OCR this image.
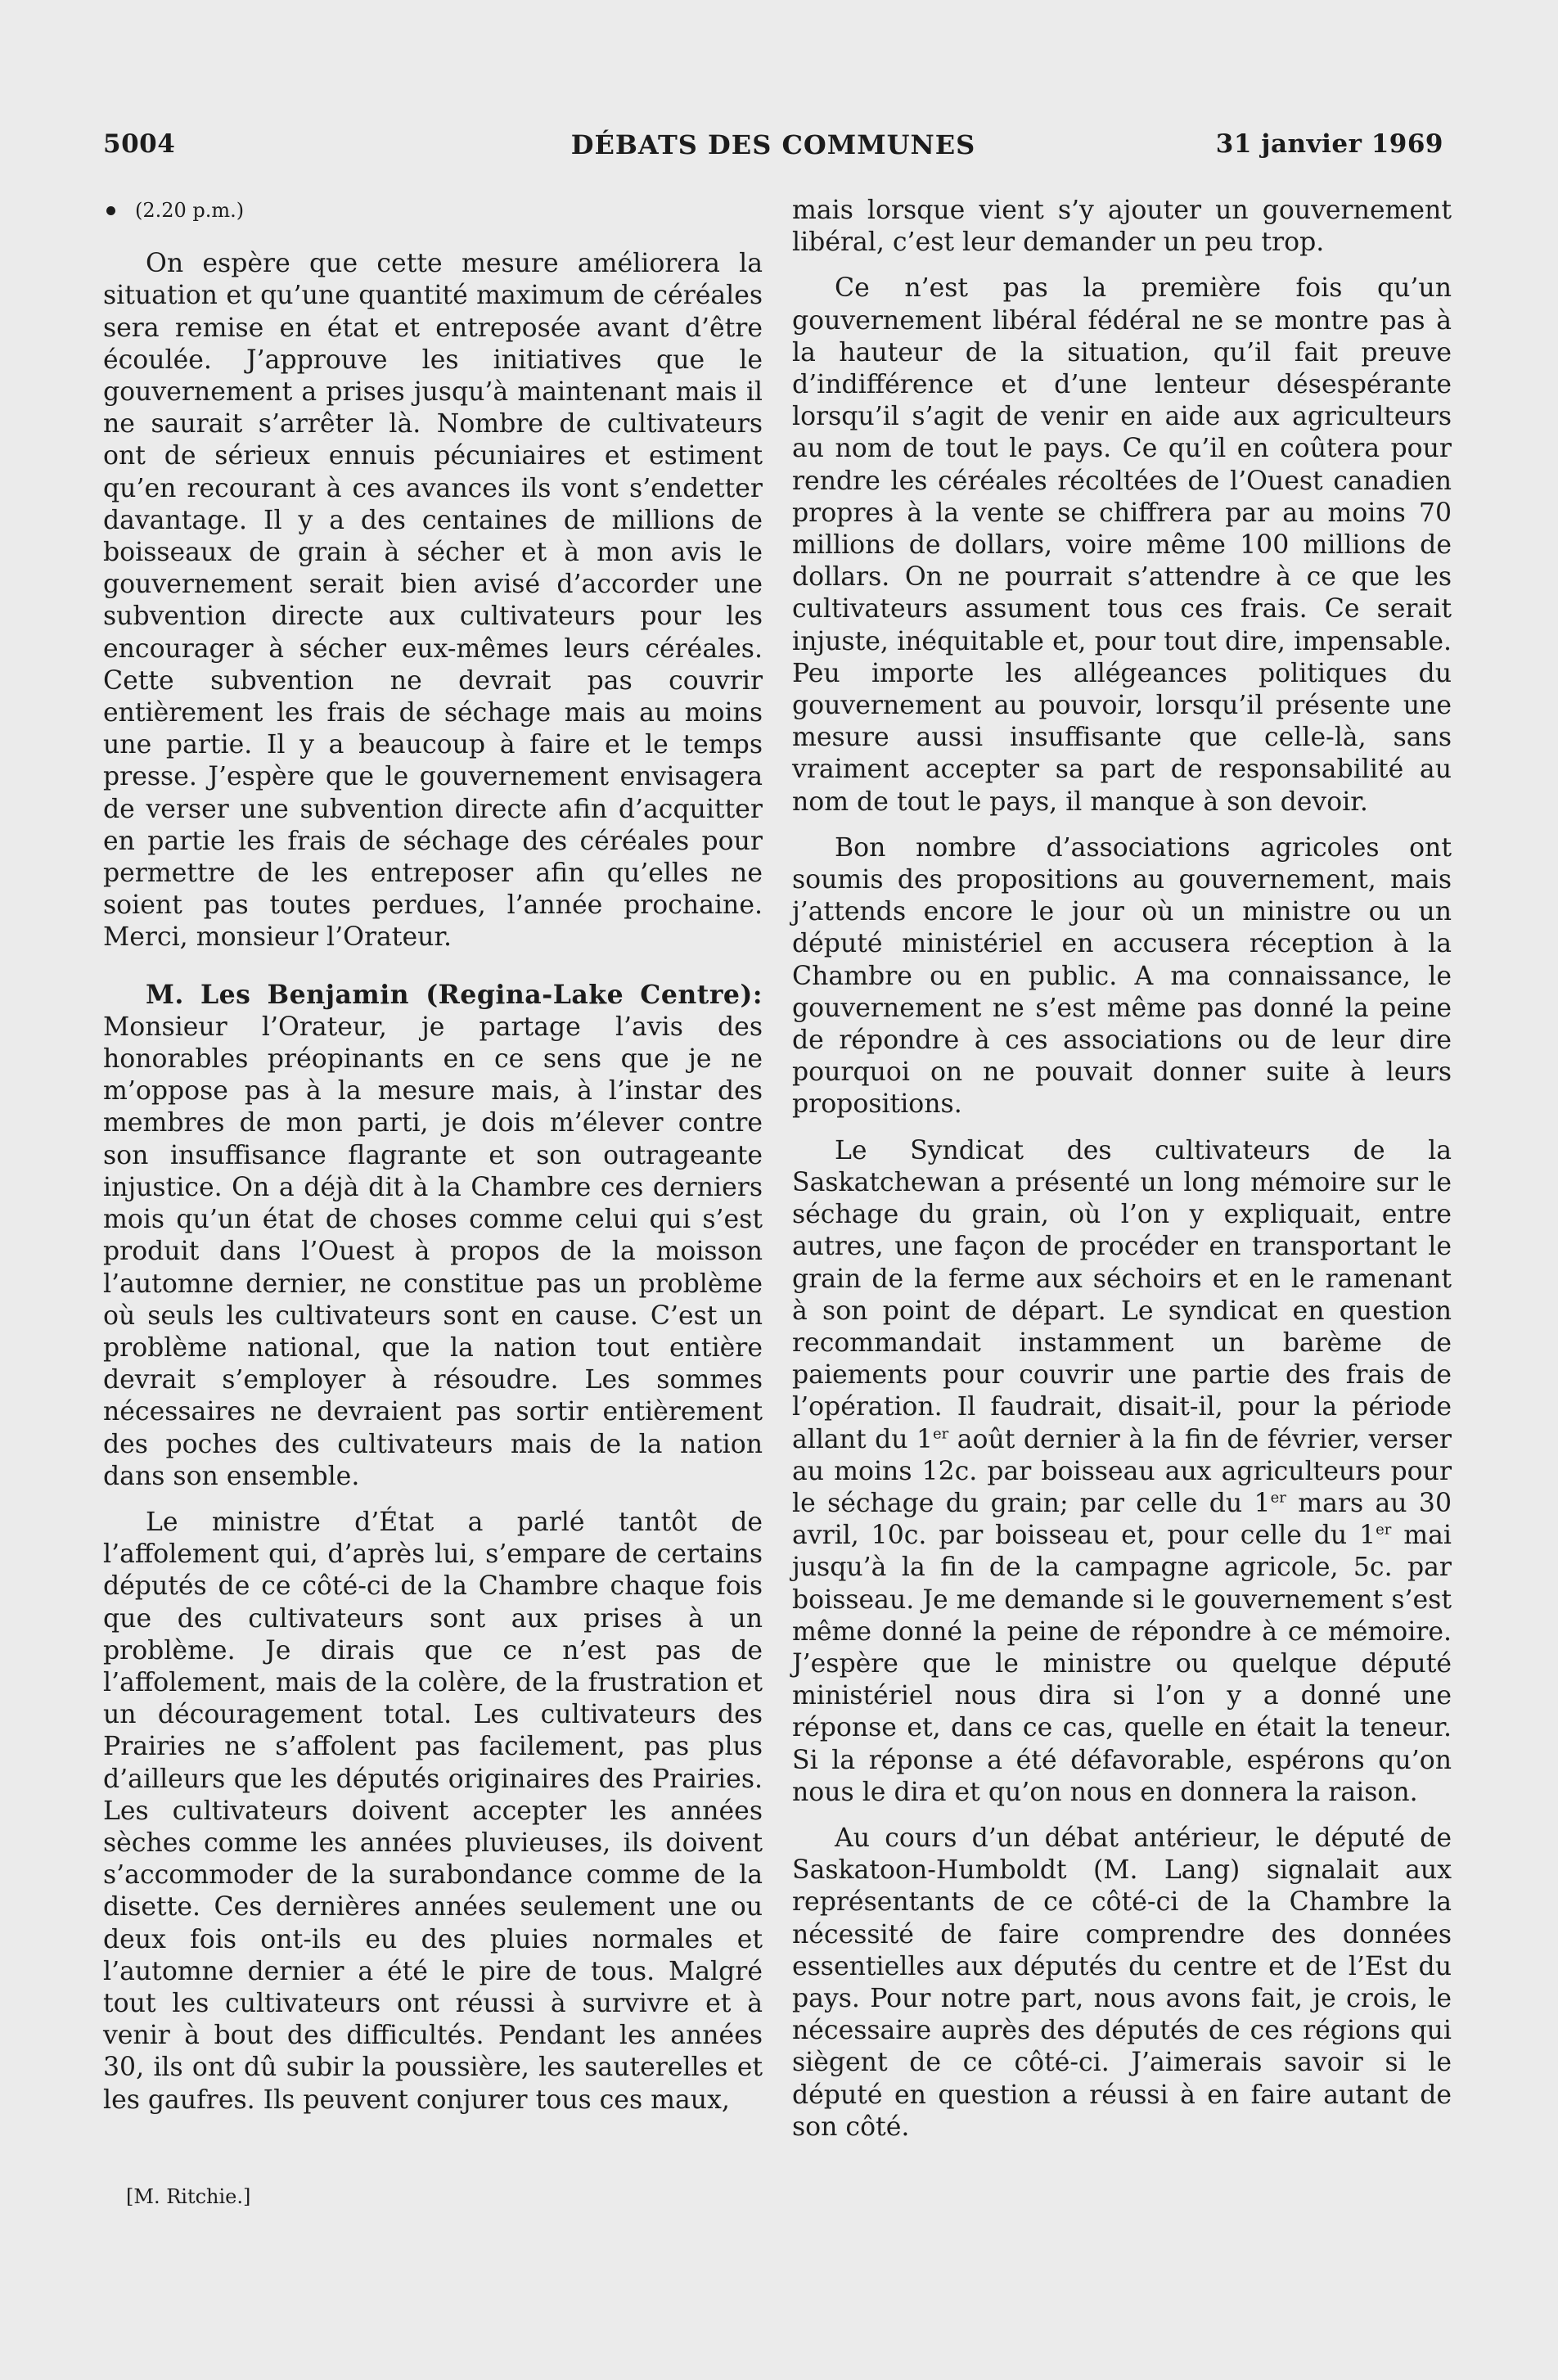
5004	DÉBATS DES COMMUNES	31 janvier 1969

(2.20 p.m.)

On espère que cette mesure améliorera la situation et qu’une quantité maximum de céréales sera remise en état et entreposée avant d’être écoulée. J’approuve les initiatives que le gouvernement a prises jusqu’à maintenant mais il ne saurait s’arrêter là. Nombre de cultivateurs ont de sérieux ennuis pécuniaires et estiment qu’en recourant à ces avances ils vont s’endetter davantage. Il y a des centaines de millions de boisseaux de grain à sécher et à mon avis le gouvernement serait bien avisé d’accorder une subvention directe aux cultivateurs pour les encourager à sécher eux-mêmes leurs céréales. Cette subvention ne devrait pas couvrir entièrement les frais de séchage mais au moins une partie. Il y a beaucoup à faire et le temps presse. J’espère que le gouvernement envisagera de verser une subvention directe afin d’acquitter en partie les frais de séchage des céréales pour permettre de les entreposer afin qu’elles ne soient pas toutes perdues, l’année prochaine. Merci, monsieur l’Orateur.

M. Les Benjamin (Regina-Lake Centre): Monsieur l’Orateur, je partage l’avis des honorables préopinants en ce sens que je ne m’oppose pas à la mesure mais, à l’instar des membres de mon parti, je dois m’élever contre son insuffisance flagrante et son outrageante injustice. On a déjà dit à la Chambre ces derniers mois qu’un état de choses comme celui qui s’est produit dans l’Ouest à propos de la moisson l’automne dernier, ne constitue pas un problème où seuls les cultivateurs sont en cause. C’est un problème national, que la nation tout entière devrait s’employer à résoudre. Les sommes nécessaires ne devraient pas sortir entièrement des poches des cultivateurs mais de la nation dans son ensemble.

Le ministre d’État a parlé tantôt de l’affolement qui, d’après lui, s’empare de certains députés de ce côté-ci de la Chambre chaque fois que des cultivateurs sont aux prises à un problème. Je dirais que ce n’est pas de l’affolement, mais de la colère, de la frustration et un découragement total. Les cultivateurs des Prairies ne s’affolent pas facilement, pas plus d’ailleurs que les députés originaires des Prairies. Les cultivateurs doivent accepter les années sèches comme les années pluvieuses, ils doivent s’accommoder de la surabondance comme de la disette. Ces dernières années seulement une ou deux fois ont-ils eu des pluies normales et l’automne dernier a été le pire de tous. Malgré tout les cultivateurs ont réussi à survivre et à venir à bout des difficultés. Pendant les années 30, ils ont dû subir la poussière, les sauterelles et les gaufres. Ils peuvent conjurer tous ces maux,

mais lorsque vient s’y ajouter un gouvernement libéral, c’est leur demander un peu trop.

Ce n’est pas la première fois qu’un gouvernement libéral fédéral ne se montre pas à la hauteur de la situation, qu’il fait preuve d’indifférence et d’une lenteur désespérante lorsqu’il s’agit de venir en aide aux agriculteurs au nom de tout le pays. Ce qu’il en coûtera pour rendre les céréales récoltées de l’Ouest canadien propres à la vente se chiffrera par au moins 70 millions de dollars, voire même 100 millions de dollars. On ne pourrait s’attendre à ce que les cultivateurs assument tous ces frais. Ce serait injuste, inéquitable et, pour tout dire, impensable. Peu importe les allégeances politiques du gouvernement au pouvoir, lorsqu’il présente une mesure aussi insuffisante que celle-là, sans vraiment accepter sa part de responsabilité au nom de tout le pays, il manque à son devoir.

Bon nombre d’associations agricoles ont soumis des propositions au gouvernement, mais j’attends encore le jour où un ministre ou un député ministériel en accusera réception à la Chambre ou en public. A ma connaissance, le gouvernement ne s’est même pas donné la peine de répondre à ces associations ou de leur dire pourquoi on ne pouvait donner suite à leurs propositions.

Le Syndicat des cultivateurs de la Saskatchewan a présenté un long mémoire sur le séchage du grain, où l’on y expliquait, entre autres, une façon de procéder en transportant le grain de la ferme aux séchoirs et en le ramenant à son point de départ. Le syndicat en question recommandait instamment un barème de paiements pour couvrir une partie des frais de l’opération. Il faudrait, disait-il, pour la période allant du 1er août dernier à la fin de février, verser au moins 12c. par boisseau aux agriculteurs pour le séchage du grain; par celle du 1er mars au 30 avril, 10c. par boisseau et, pour celle du 1er mai jusqu’à la fin de la campagne agricole, 5c. par boisseau. Je me demande si le gouvernement s’est même donné la peine de répondre à ce mémoire. J’espère que le ministre ou quelque député ministériel nous dira si l’on y a donné une réponse et, dans ce cas, quelle en était la teneur. Si la réponse a été défavorable, espérons qu’on nous le dira et qu’on nous en donnera la raison.

Au cours d’un débat antérieur, le député de Saskatoon-Humboldt (M. Lang) signalait aux représentants de ce côté-ci de la Chambre la nécessité de faire comprendre des données essentielles aux députés du centre et de l’Est du pays. Pour notre part, nous avons fait, je crois, le nécessaire auprès des députés de ces régions qui siègent de ce côté-ci. J’aimerais savoir si le député en question a réussi à en faire autant de son côté.

[M. Ritchie.]
